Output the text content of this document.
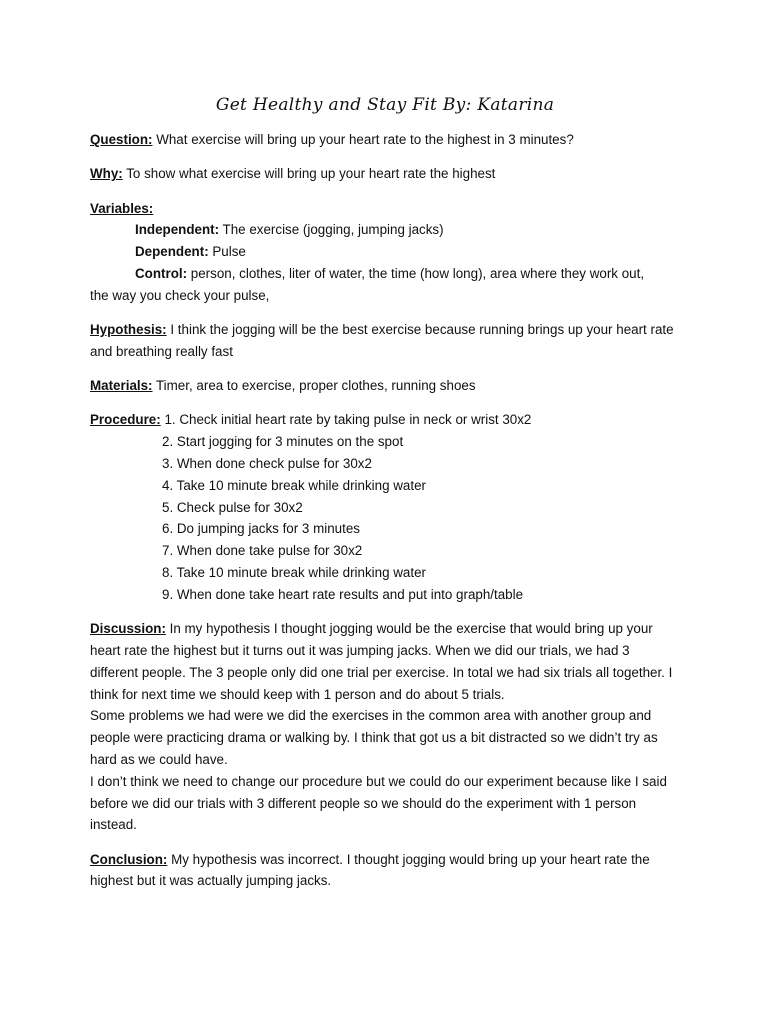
Get Healthy and Stay Fit By: Katarina

Question: What exercise will bring up your heart rate to the highest in 3 minutes?

Why: To show what exercise will bring up your heart rate the highest

Variables:

Independent: The exercise (jogging, jumping jacks)

Dependent: Pulse

Control: person, clothes, liter of water, the time (how long), area where they work out,

the way you check your pulse,

Hypothesis: I think the jogging will be the best exercise because running brings up your heart rate and breathing really fast

Materials: Timer, area to exercise, proper clothes, running shoes

Procedure: 1. Check initial heart rate by taking pulse in neck or wrist 30x2

2. Start jogging for 3 minutes on the spot
3. When done check pulse for 30x2
4. Take 10 minute break while drinking water
5. Check pulse for 30x2
6. Do jumping jacks for 3 minutes
7. When done take pulse for 30x2
8. Take 10 minute break while drinking water
9. When done take heart rate results and put into graph/table

Discussion: In my hypothesis I thought jogging would be the exercise that would bring up your heart rate the highest but it turns out it was jumping jacks. When we did our trials, we had 3 different people. The 3 people only did one trial per exercise. In total we had six trials all together. I think for next time we should keep with 1 person and do about 5 trials.

Some problems we had were we did the exercises in the common area with another group and people were practicing drama or walking by. I think that got us a bit distracted so we didn’t try as hard as we could have.

I don’t think we need to change our procedure but we could do our experiment because like I said before we did our trials with 3 different people so we should do the experiment with 1 person instead.

Conclusion: My hypothesis was incorrect. I thought jogging would bring up your heart rate the highest but it was actually jumping jacks.
